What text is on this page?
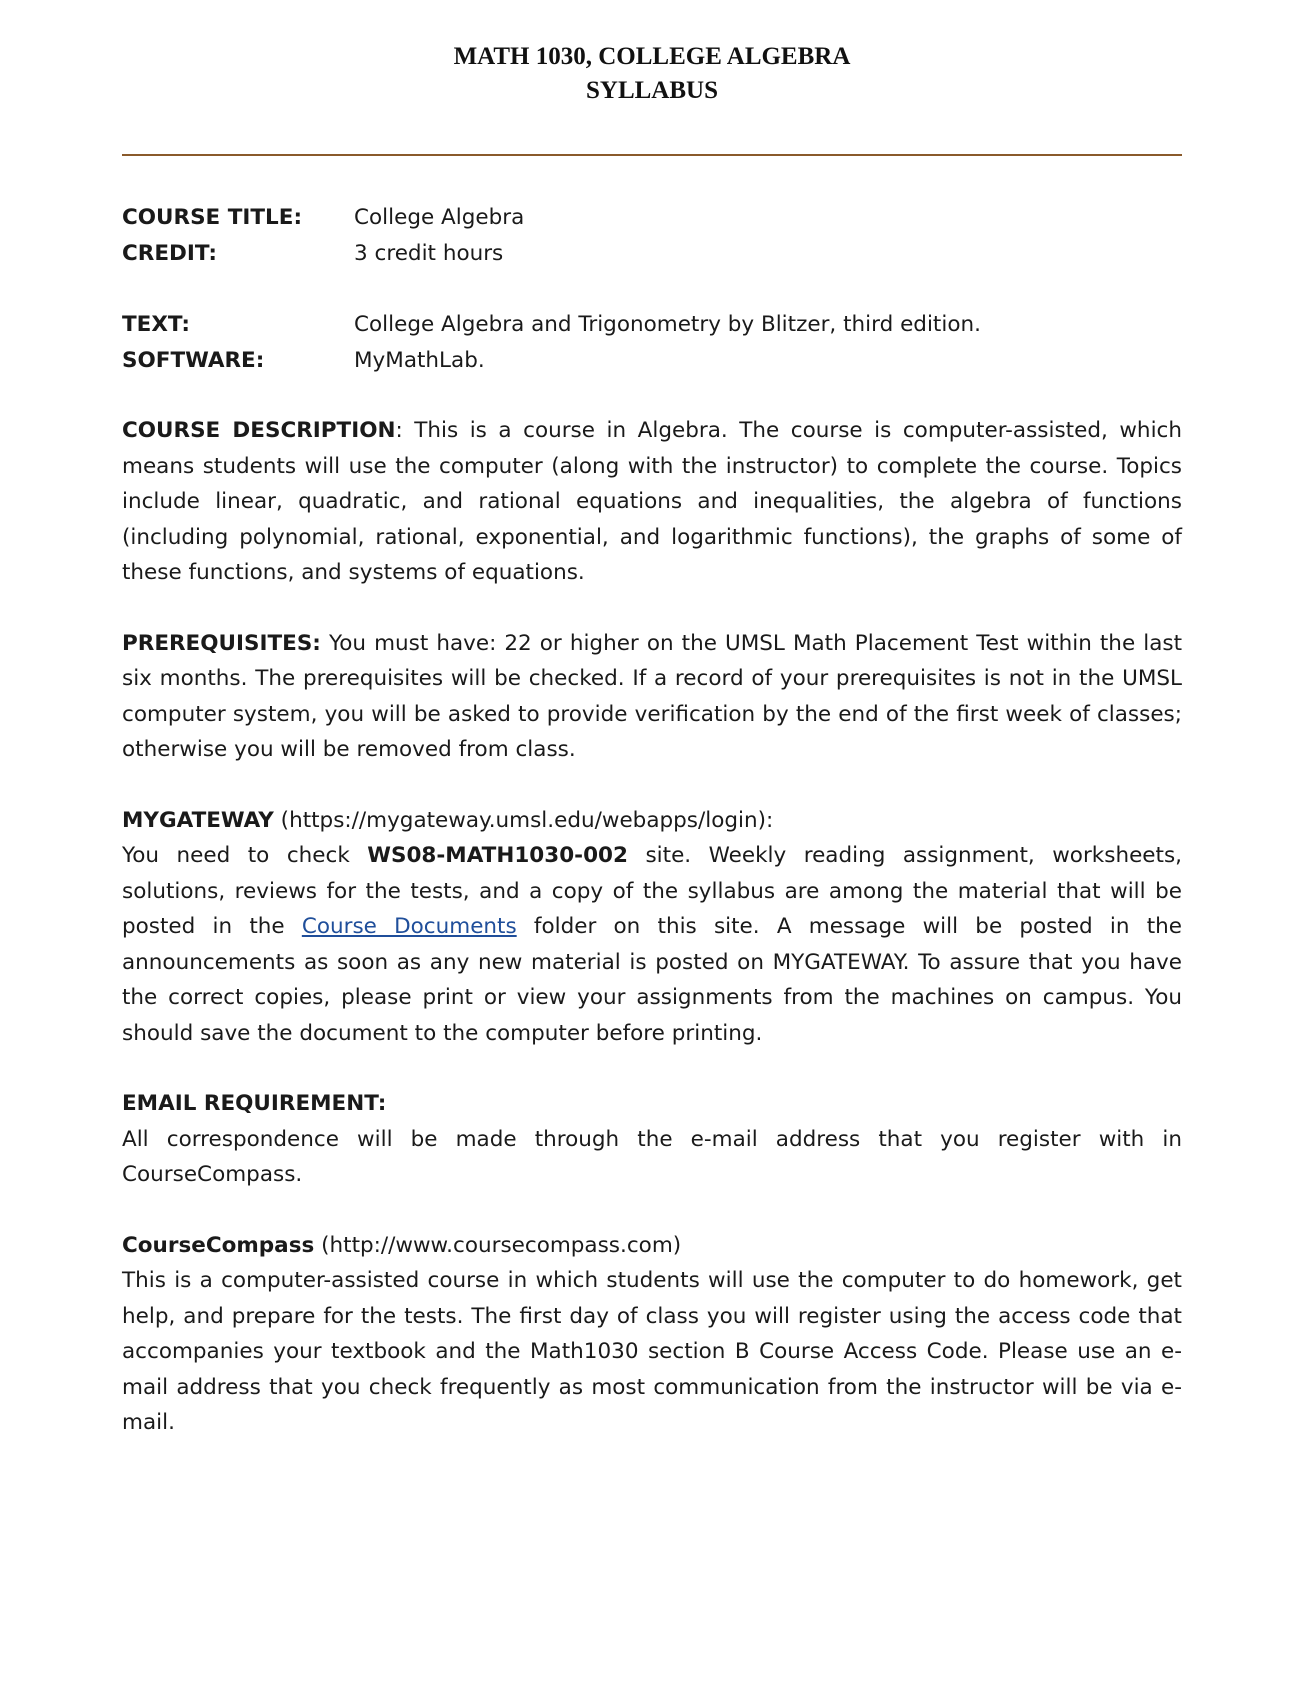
MATH 1030, COLLEGE ALGEBRA
SYLLABUS
COURSE TITLE:	College Algebra
CREDIT:	3 credit hours
TEXT:	College Algebra and Trigonometry by Blitzer, third edition.
SOFTWARE:	MyMathLab.
COURSE DESCRIPTION: This is a course in Algebra. The course is computer-assisted, which means students will use the computer (along with the instructor) to complete the course. Topics include linear, quadratic, and rational equations and inequalities, the algebra of functions (including polynomial, rational, exponential, and logarithmic functions), the graphs of some of these functions, and systems of equations.
PREREQUISITES: You must have: 22 or higher on the UMSL Math Placement Test within the last six months. The prerequisites will be checked. If a record of your prerequisites is not in the UMSL computer system, you will be asked to provide verification by the end of the first week of classes; otherwise you will be removed from class.
MYGATEWAY (https://mygateway.umsl.edu/webapps/login):
You need to check WS08-MATH1030-002 site. Weekly reading assignment, worksheets, solutions, reviews for the tests, and a copy of the syllabus are among the material that will be posted in the Course Documents folder on this site. A message will be posted in the announcements as soon as any new material is posted on MYGATEWAY. To assure that you have the correct copies, please print or view your assignments from the machines on campus. You should save the document to the computer before printing.
EMAIL REQUIREMENT:
All correspondence will be made through the e-mail address that you register with in CourseCompass.
CourseCompass (http://www.coursecompass.com)
This is a computer-assisted course in which students will use the computer to do homework, get help, and prepare for the tests. The first day of class you will register using the access code that accompanies your textbook and the Math1030 section B Course Access Code. Please use an e-mail address that you check frequently as most communication from the instructor will be via e-mail.
